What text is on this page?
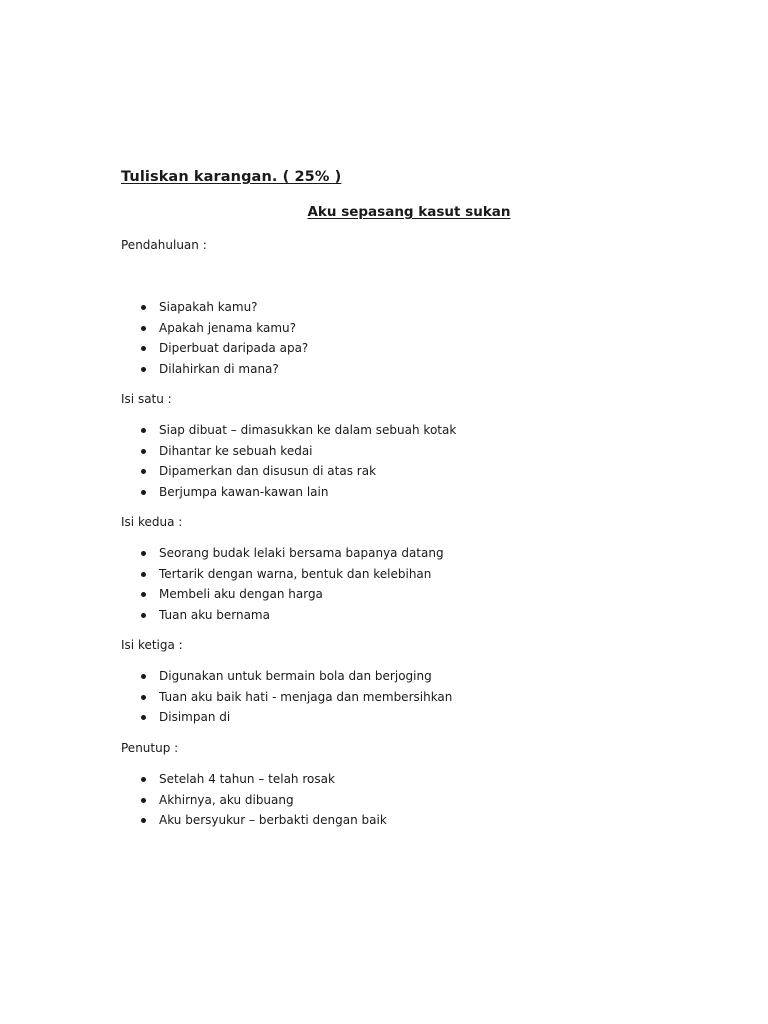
Tuliskan karangan. ( 25% )
Aku sepasang kasut sukan
Pendahuluan :
Siapakah kamu?
Apakah jenama kamu?
Diperbuat daripada apa?
Dilahirkan di mana?
Isi satu :
Siap dibuat – dimasukkan ke dalam sebuah kotak
Dihantar ke sebuah kedai
Dipamerkan dan disusun di atas rak
Berjumpa kawan-kawan lain
Isi kedua :
Seorang budak lelaki bersama bapanya datang
Tertarik dengan warna, bentuk dan kelebihan
Membeli aku dengan harga
Tuan aku bernama
Isi ketiga :
Digunakan untuk bermain bola dan berjoging
Tuan aku baik hati - menjaga dan membersihkan
Disimpan di
Penutup :
Setelah 4 tahun – telah rosak
Akhirnya, aku dibuang
Aku bersyukur – berbakti dengan baik
